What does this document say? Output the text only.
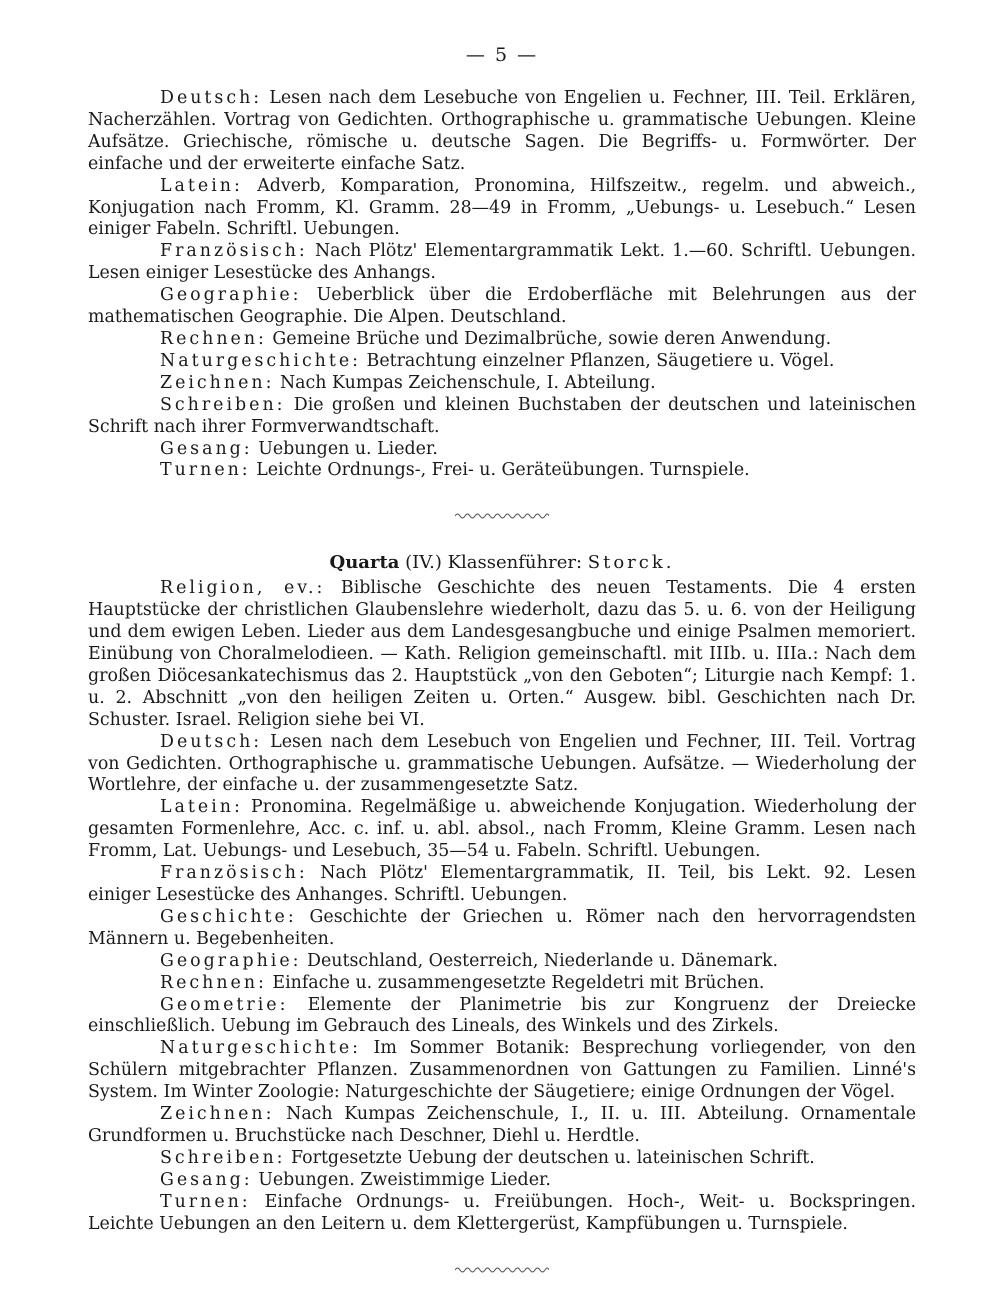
— 5 —

Deutsch: Lesen nach dem Lesebuche von Engelien u. Fechner, III. Teil. Erklären, Nacherzählen. Vortrag von Gedichten. Orthographische u. grammatische Uebungen. Kleine Aufsätze. Griechische, römische u. deutsche Sagen. Die Begriffs- u. Formwörter. Der einfache und der erweiterte einfache Satz.

Latein: Adverb, Komparation, Pronomina, Hilfszeitw., regelm. und abweich., Konjugation nach Fromm, Kl. Gramm. 28—49 in Fromm, „Uebungs- u. Lesebuch.“ Lesen einiger Fabeln. Schriftl. Uebungen.

Französisch: Nach Plötz' Elementargrammatik Lekt. 1.—60. Schriftl. Uebungen. Lesen einiger Lesestücke des Anhangs.

Geographie: Ueberblick über die Erdoberfläche mit Belehrungen aus der mathematischen Geographie. Die Alpen. Deutschland.

Rechnen: Gemeine Brüche und Dezimalbrüche, sowie deren Anwendung.

Naturgeschichte: Betrachtung einzelner Pflanzen, Säugetiere u. Vögel.

Zeichnen: Nach Kumpas Zeichenschule, I. Abteilung.

Schreiben: Die großen und kleinen Buchstaben der deutschen und lateinischen Schrift nach ihrer Formverwandtschaft.

Gesang: Uebungen u. Lieder.

Turnen: Leichte Ordnungs-, Frei- u. Geräteübungen. Turnspiele.

Quarta (IV.) Klassenführer: Storck.

Religion, ev.: Biblische Geschichte des neuen Testaments. Die 4 ersten Hauptstücke der christlichen Glaubenslehre wiederholt, dazu das 5. u. 6. von der Heiligung und dem ewigen Leben. Lieder aus dem Landesgesangbuche und einige Psalmen memoriert. Einübung von Choralmelodieen. — Kath. Religion gemeinschaftl. mit IIIb. u. IIIa.: Nach dem großen Diöcesankatechismus das 2. Hauptstück „von den Geboten“; Liturgie nach Kempf: 1. u. 2. Abschnitt „von den heiligen Zeiten u. Orten.“ Ausgew. bibl. Geschichten nach Dr. Schuster. Israel. Religion siehe bei VI.

Deutsch: Lesen nach dem Lesebuch von Engelien und Fechner, III. Teil. Vortrag von Gedichten. Orthographische u. grammatische Uebungen. Aufsätze. — Wiederholung der Wortlehre, der einfache u. der zusammengesetzte Satz.

Latein: Pronomina. Regelmäßige u. abweichende Konjugation. Wiederholung der gesamten Formenlehre, Acc. c. inf. u. abl. absol., nach Fromm, Kleine Gramm. Lesen nach Fromm, Lat. Uebungs- und Lesebuch, 35—54 u. Fabeln. Schriftl. Uebungen.

Französisch: Nach Plötz' Elementargrammatik, II. Teil, bis Lekt. 92. Lesen einiger Lesestücke des Anhanges. Schriftl. Uebungen.

Geschichte: Geschichte der Griechen u. Römer nach den hervorragendsten Männern u. Begebenheiten.

Geographie: Deutschland, Oesterreich, Niederlande u. Dänemark.

Rechnen: Einfache u. zusammengesetzte Regeldetri mit Brüchen.

Geometrie: Elemente der Planimetrie bis zur Kongruenz der Dreiecke einschließlich. Uebung im Gebrauch des Lineals, des Winkels und des Zirkels.

Naturgeschichte: Im Sommer Botanik: Besprechung vorliegender, von den Schülern mitgebrachter Pflanzen. Zusammenordnen von Gattungen zu Familien. Linné's System. Im Winter Zoologie: Naturgeschichte der Säugetiere; einige Ordnungen der Vögel.

Zeichnen: Nach Kumpas Zeichenschule, I., II. u. III. Abteilung. Ornamentale Grundformen u. Bruchstücke nach Deschner, Diehl u. Herdtle.

Schreiben: Fortgesetzte Uebung der deutschen u. lateinischen Schrift.

Gesang: Uebungen. Zweistimmige Lieder.

Turnen: Einfache Ordnungs- u. Freiübungen. Hoch-, Weit- u. Bockspringen. Leichte Uebungen an den Leitern u. dem Klettergerüst, Kampfübungen u. Turnspiele.
